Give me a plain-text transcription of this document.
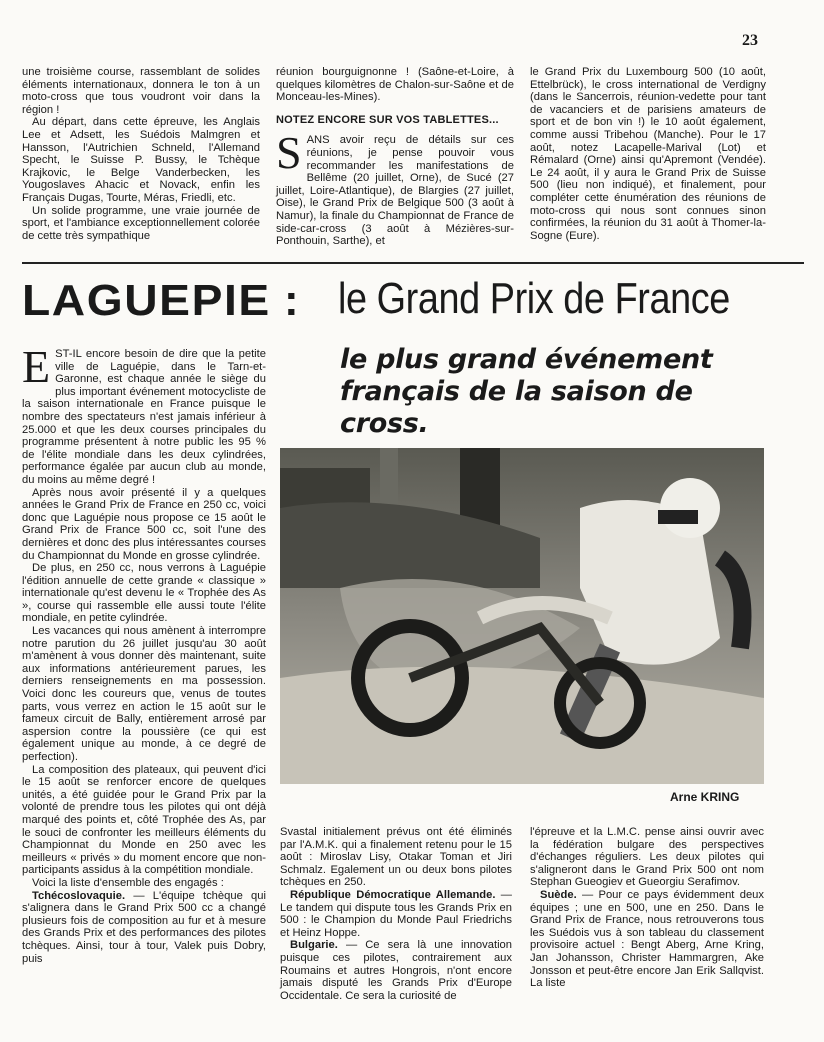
23

une troisième course, rassemblant de solides éléments internationaux, donnera le ton à un moto-cross que tous voudront voir dans la région !

Au départ, dans cette épreuve, les Anglais Lee et Adsett, les Suédois Malmgren et Hansson, l'Autrichien Schneld, l'Allemand Specht, le Suisse P. Bussy, le Tchèque Krajkovic, le Belge Vanderbecken, les Yougoslaves Ahacic et Novack, enfin les Français Dugas, Tourte, Méras, Friedli, etc.

Un solide programme, une vraie journée de sport, et l'ambiance exceptionnellement colorée de cette très sympathique

réunion bourguignonne ! (Saône-et-Loire, à quelques kilomètres de Chalon-sur-Saône et de Monceau-les-Mines).

NOTEZ ENCORE SUR VOS TABLETTES...

SANS avoir reçu de détails sur ces réunions, je pense pouvoir vous recommander les manifestations de Bellême (20 juillet, Orne), de Sucé (27 juillet, Loire-Atlantique), de Blargies (27 juillet, Oise), le Grand Prix de Belgique 500 (3 août à Namur), la finale du Championnat de France de side-car-cross (3 août à Mézières-sur-Ponthouin, Sarthe), et

le Grand Prix du Luxembourg 500 (10 août, Ettelbrück), le cross international de Verdigny (dans le Sancerrois, réunion-vedette pour tant de vacanciers et de parisiens amateurs de sport et de bon vin !) le 10 août également, comme aussi Tribehou (Manche). Pour le 17 août, notez Lacapelle-Marival (Lot) et Rémalard (Orne) ainsi qu'Apremont (Vendée). Le 24 août, il y aura le Grand Prix de Suisse 500 (lieu non indiqué), et finalement, pour compléter cette énumération des réunions de moto-cross qui nous sont connues sinon confirmées, la réunion du 31 août à Thomer-la-Sogne (Eure).

LAGUEPIE : le Grand Prix de France
le plus grand événement français de la saison de cross.
Arne KRING

EST-IL encore besoin de dire que la petite ville de Laguépie, dans le Tarn-et-Garonne, est chaque année le siège du plus important événement motocycliste de la saison internationale en France puisque le nombre des spectateurs n'est jamais inférieur à 25.000 et que les deux courses principales du programme présentent à notre public les 95 % de l'élite mondiale dans les deux cylindrées, performance égalée par aucun club au monde, du moins au même degré !

Après nous avoir présenté il y a quelques années le Grand Prix de France en 250 cc, voici donc que Laguépie nous propose ce 15 août le Grand Prix de France 500 cc, soit l'une des dernières et donc des plus intéressantes courses du Championnat du Monde en grosse cylindrée.

De plus, en 250 cc, nous verrons à Laguépie l'édition annuelle de cette grande « classique » internationale qu'est devenu le « Trophée des As », course qui rassemble elle aussi toute l'élite mondiale, en petite cylindrée.

Les vacances qui nous amènent à interrompre notre parution du 26 juillet jusqu'au 30 août m'amènent à vous donner dès maintenant, suite aux informations antérieurement parues, les derniers renseignements en ma possession. Voici donc les coureurs que, venus de toutes parts, vous verrez en action le 15 août sur le fameux circuit de Bally, entièrement arrosé par aspersion contre la poussière (ce qui est également unique au monde, à ce degré de perfection).

La composition des plateaux, qui peuvent d'ici le 15 août se renforcer encore de quelques unités, a été guidée pour le Grand Prix par la volonté de prendre tous les pilotes qui ont déjà marqué des points et, côté Trophée des As, par le souci de confronter les meilleurs éléments du Championnat du Monde en 250 avec les meilleurs « privés » du moment encore que non-participants assidus à la compétition mondiale.

Voici la liste d'ensemble des engagés :

Tchécoslovaquie. — L'équipe tchèque qui s'alignera dans le Grand Prix 500 cc a changé plusieurs fois de composition au fur et à mesure des Grands Prix et des performances des pilotes tchèques. Ainsi, tour à tour, Valek puis Dobry, puis

Svastal initialement prévus ont été éliminés par l'A.M.K. qui a finalement retenu pour le 15 août : Miroslav Lisy, Otakar Toman et Jiri Schmalz. Egalement un ou deux bons pilotes tchèques en 250.

République Démocratique Allemande. — Le tandem qui dispute tous les Grands Prix en 500 : le Champion du Monde Paul Friedrichs et Heinz Hoppe.

Bulgarie. — Ce sera là une innovation puisque ces pilotes, contrairement aux Roumains et autres Hongrois, n'ont encore jamais disputé les Grands Prix d'Europe Occidentale. Ce sera la curiosité de

l'épreuve et la L.M.C. pense ainsi ouvrir avec la fédération bulgare des perspectives d'échanges réguliers. Les deux pilotes qui s'aligneront dans le Grand Prix 500 ont nom Stephan Gueogiev et Gueorgiu Serafimov.

Suède. — Pour ce pays évidemment deux équipes ; une en 500, une en 250. Dans le Grand Prix de France, nous retrouverons tous les Suédois vus à son tableau du classement provisoire actuel : Bengt Aberg, Arne Kring, Jan Johansson, Christer Hammargren, Ake Jonsson et peut-être encore Jan Erik Sallqvist. La liste
